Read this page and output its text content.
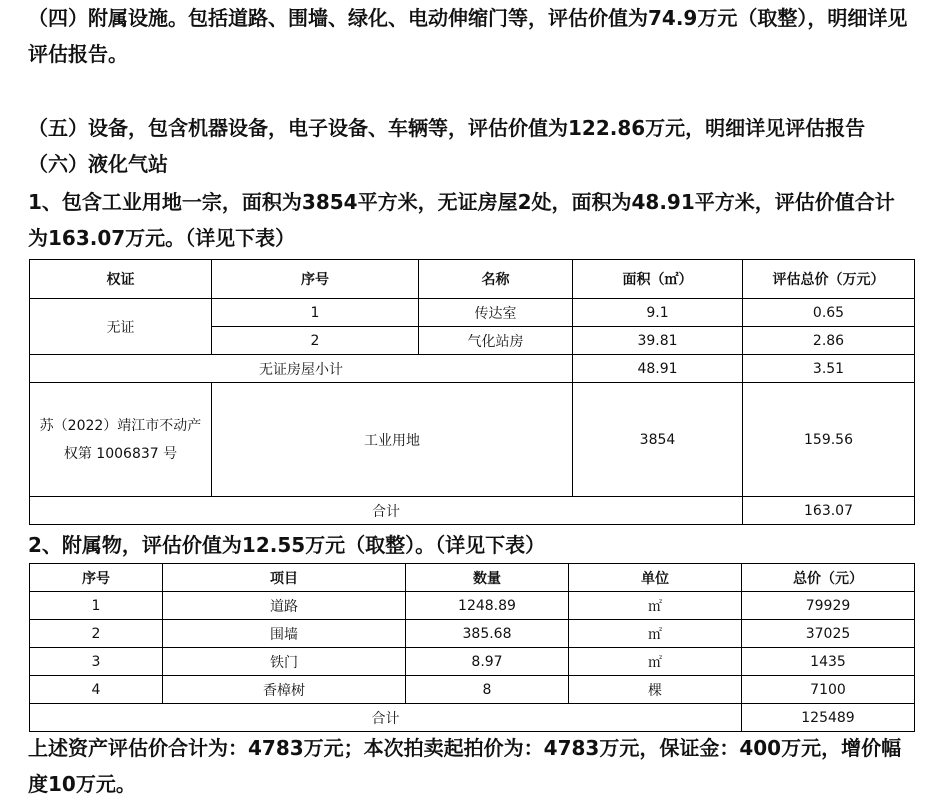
（四）附属设施。包括道路、围墙、绿化、电动伸缩门等，评估价值为74.9万元（取整），明细详见评估报告。
（五）设备，包含机器设备，电子设备、车辆等，评估价值为122.86万元，明细详见评估报告
（六）液化气站
1、包含工业用地一宗，面积为3854平方米，无证房屋2处，面积为48.91平方米，评估价值合计为163.07万元。（详见下表）
权证	序号	名称	面积（㎡）	评估总价（万元）
无证	1	传达室	9.1	0.65
	2	气化站房	39.81	2.86
无证房屋小计			48.91	3.51
苏（2022）靖江市不动产权第 1006837 号	工业用地		3854	159.56
合计				163.07
2、附属物，评估价值为12.55万元（取整）。（详见下表）
序号	项目	数量	单位	总价（元）
1	道路	1248.89	㎡	79929
2	围墙	385.68	㎡	37025
3	铁门	8.97	㎡	1435
4	香樟树	8	棵	7100
合计				125489
上述资产评估价合计为：4783万元；本次拍卖起拍价为：4783万元，保证金：400万元，增价幅度10万元。
